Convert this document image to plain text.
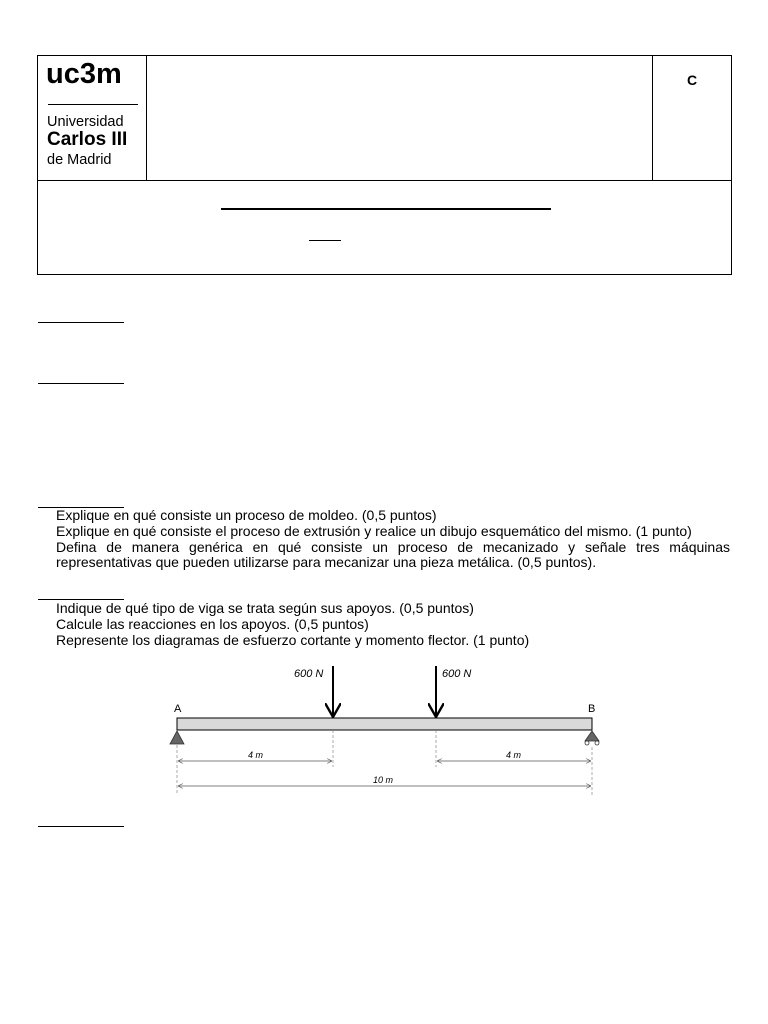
uc3m
Universidad
Carlos III
de Madrid
C
Explique en qué consiste un proceso de moldeo. (0,5 puntos)
Explique en qué consiste el proceso de extrusión y realice un dibujo esquemático del mismo. (1 punto)
Defina de manera genérica en qué consiste un proceso de mecanizado y señale tres máquinas
representativas que pueden utilizarse para mecanizar una pieza metálica. (0,5 puntos).
Indique de qué tipo de viga se trata según sus apoyos. (0,5 puntos)
Calcule las reacciones en los apoyos. (0,5 puntos)
Represente los diagramas de esfuerzo cortante y momento flector. (1 punto)
600 N	600 N
A	B
4 m	4 m
10 m
